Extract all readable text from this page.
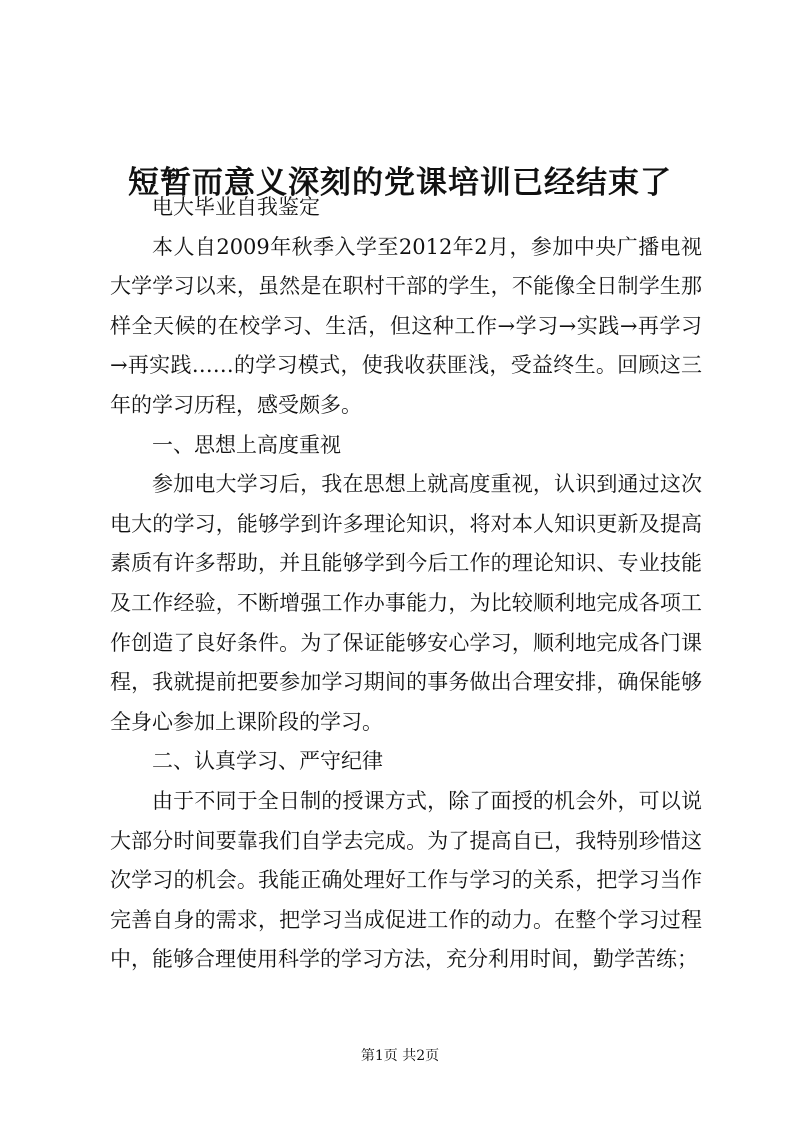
短暂而意义深刻的党课培训已经结束了

电大毕业自我鉴定

本人自2009年秋季入学至2012年2月，参加中央广播电视大学学习以来，虽然是在职村干部的学生，不能像全日制学生那样全天候的在校学习、生活，但这种工作→学习→实践→再学习→再实践……的学习模式，使我收获匪浅，受益终生。回顾这三年的学习历程，感受颇多。

一、思想上高度重视

参加电大学习后，我在思想上就高度重视，认识到通过这次电大的学习，能够学到许多理论知识，将对本人知识更新及提高素质有许多帮助，并且能够学到今后工作的理论知识、专业技能及工作经验，不断增强工作办事能力，为比较顺利地完成各项工作创造了良好条件。为了保证能够安心学习，顺利地完成各门课程，我就提前把要参加学习期间的事务做出合理安排，确保能够全身心参加上课阶段的学习。

二、认真学习、严守纪律

由于不同于全日制的授课方式，除了面授的机会外，可以说大部分时间要靠我们自学去完成。为了提高自已，我特别珍惜这次学习的机会。我能正确处理好工作与学习的关系，把学习当作完善自身的需求，把学习当成促进工作的动力。在整个学习过程中，能够合理使用科学的学习方法，充分利用时间，勤学苦练；

第1页 共2页
